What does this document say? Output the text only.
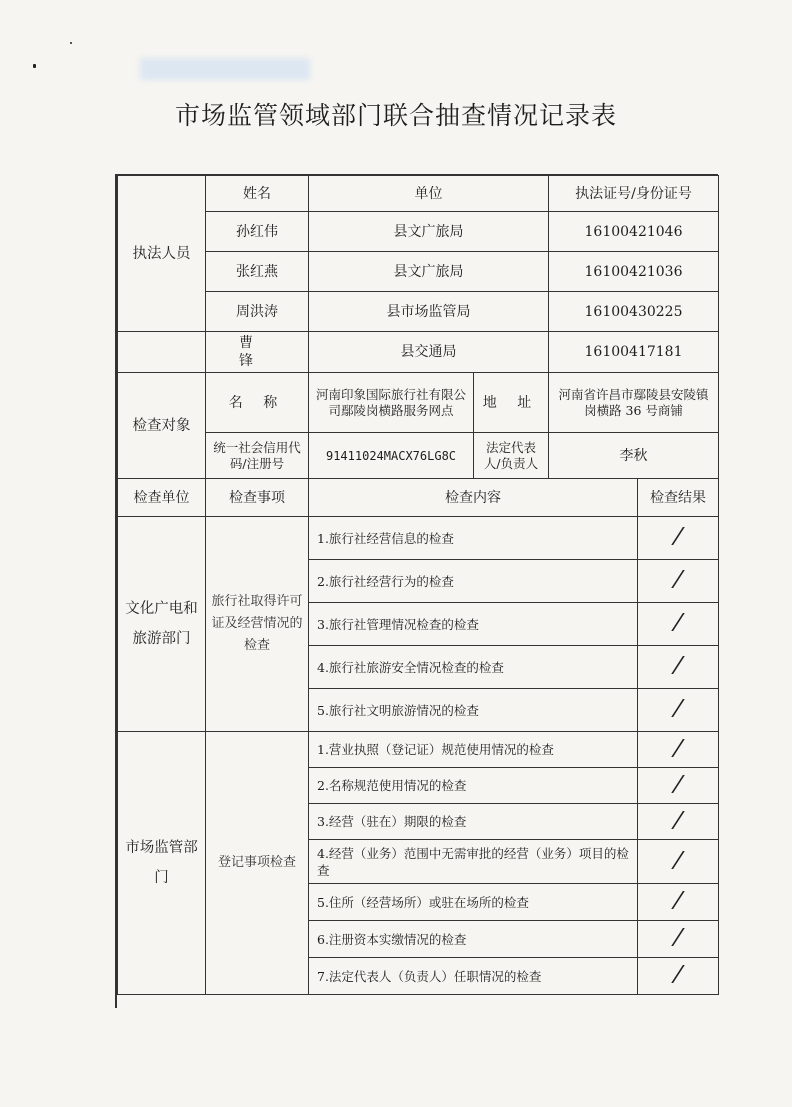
市场监管领域部门联合抽查情况记录表
执法人员	姓名	单位		执法证号/身份证号	
	孙红伟	县文广旅局		16100421046	
	张红燕	县文广旅局		16100421036	
	周洪涛	县市场监管局		16100430225	
	曹 锋	县交通局		16100417181	
检查对象	名 称	河南印象国际旅行社有限公司鄢陵岗横路服务网点	地 址	河南省许昌市鄢陵县安陵镇岗横路 36 号商铺	
	统一社会信用代码/注册号	91411024MACX76LG8C	法定代表人/负责人	李秋	
检查单位	检查事项	检查内容			检查结果
文化广电和旅游部门	旅行社取得许可证及经营情况的检查	1.旅行社经营信息的检查			/
		2.旅行社经营行为的检查			/
		3.旅行社管理情况检查的检查			/
		4.旅行社旅游安全情况检查的检查			/
		5.旅行社文明旅游情况的检查			/
市场监管部门	登记事项检查	1.营业执照（登记证）规范使用情况的检查			/
		2.名称规范使用情况的检查			/
		3.经营（驻在）期限的检查			/
		4.经营（业务）范围中无需审批的经营（业务）项目的检查			/
		5.住所（经营场所）或驻在场所的检查			/
		6.注册资本实缴情况的检查			/
		7.法定代表人（负责人）任职情况的检查			/
